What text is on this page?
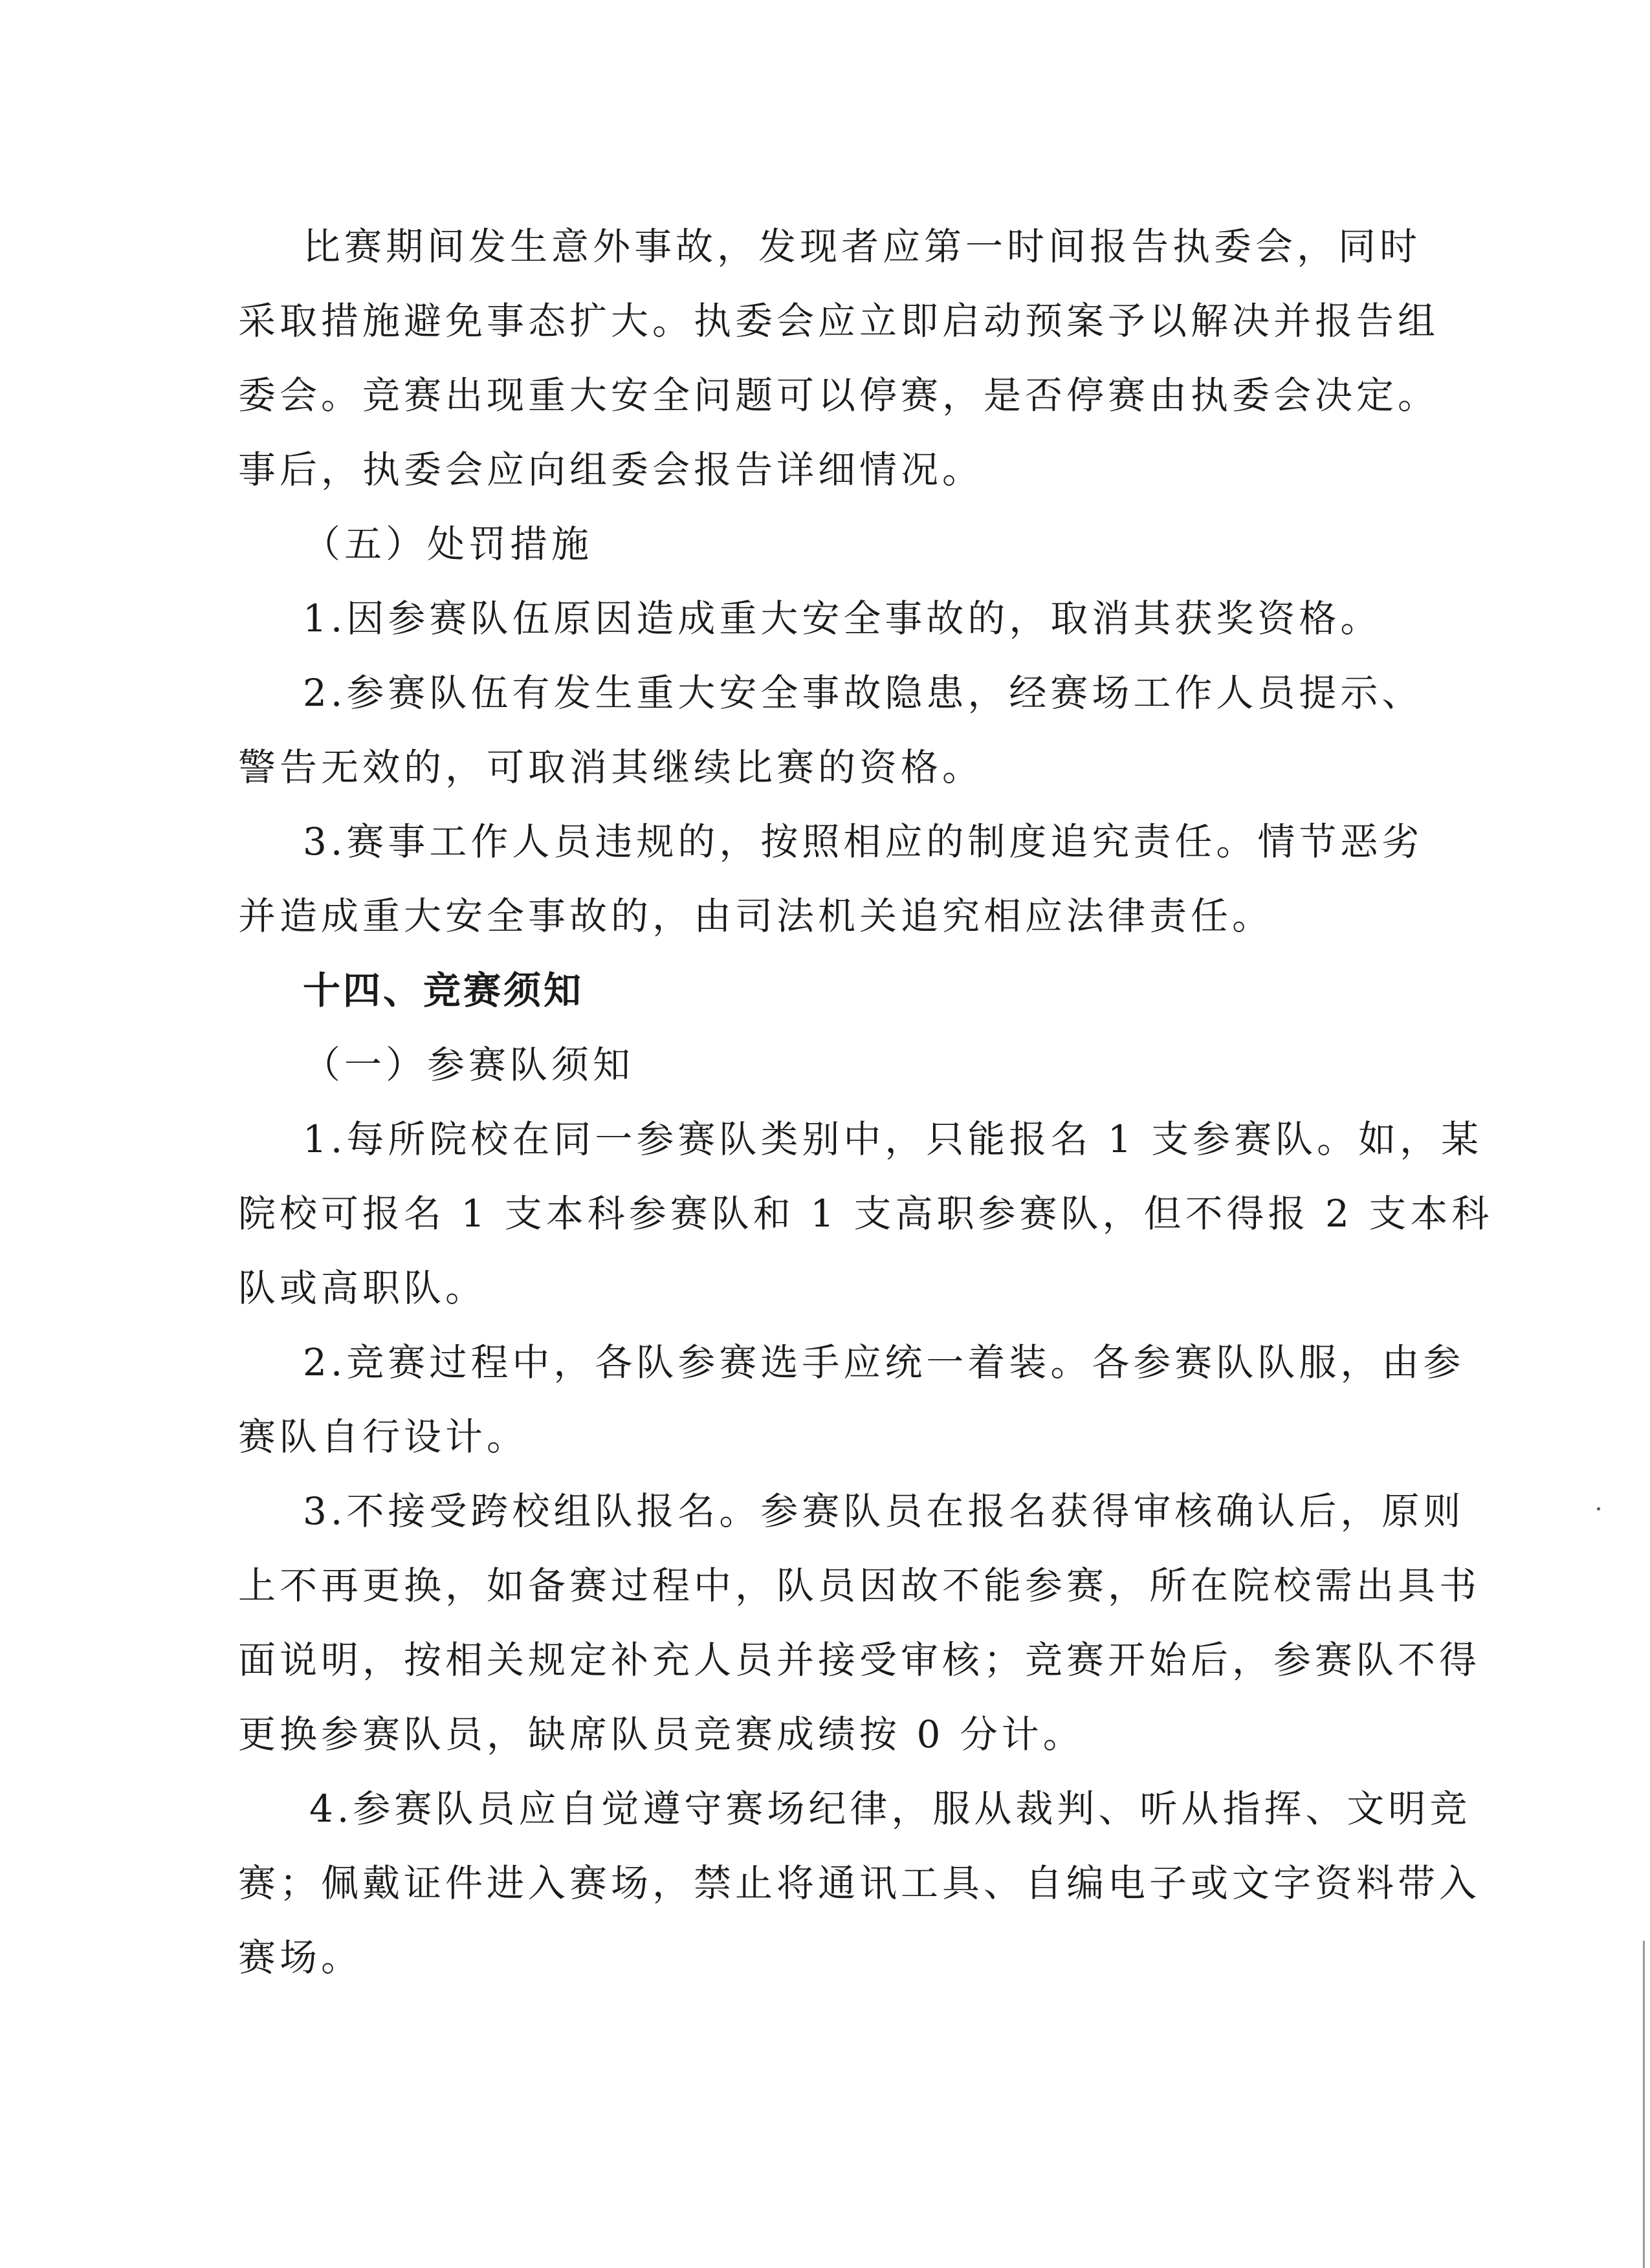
比赛期间发生意外事故，发现者应第一时间报告执委会，同时
采取措施避免事态扩大。执委会应立即启动预案予以解决并报告组
委会。竞赛出现重大安全问题可以停赛，是否停赛由执委会决定。
事后，执委会应向组委会报告详细情况。
（五）处罚措施
1.因参赛队伍原因造成重大安全事故的，取消其获奖资格。
2.参赛队伍有发生重大安全事故隐患，经赛场工作人员提示、
警告无效的，可取消其继续比赛的资格。
3.赛事工作人员违规的，按照相应的制度追究责任。情节恶劣
并造成重大安全事故的，由司法机关追究相应法律责任。
十四、竞赛须知
（一）参赛队须知
1.每所院校在同一参赛队类别中，只能报名 1 支参赛队。如，某
院校可报名 1 支本科参赛队和 1 支高职参赛队，但不得报 2 支本科
队或高职队。
2.竞赛过程中，各队参赛选手应统一着装。各参赛队队服，由参
赛队自行设计。
3.不接受跨校组队报名。参赛队员在报名获得审核确认后，原则
上不再更换，如备赛过程中，队员因故不能参赛，所在院校需出具书
面说明，按相关规定补充人员并接受审核；竞赛开始后，参赛队不得
更换参赛队员，缺席队员竞赛成绩按 0 分计。
4.参赛队员应自觉遵守赛场纪律，服从裁判、听从指挥、文明竞
赛；佩戴证件进入赛场，禁止将通讯工具、自编电子或文字资料带入
赛场。
